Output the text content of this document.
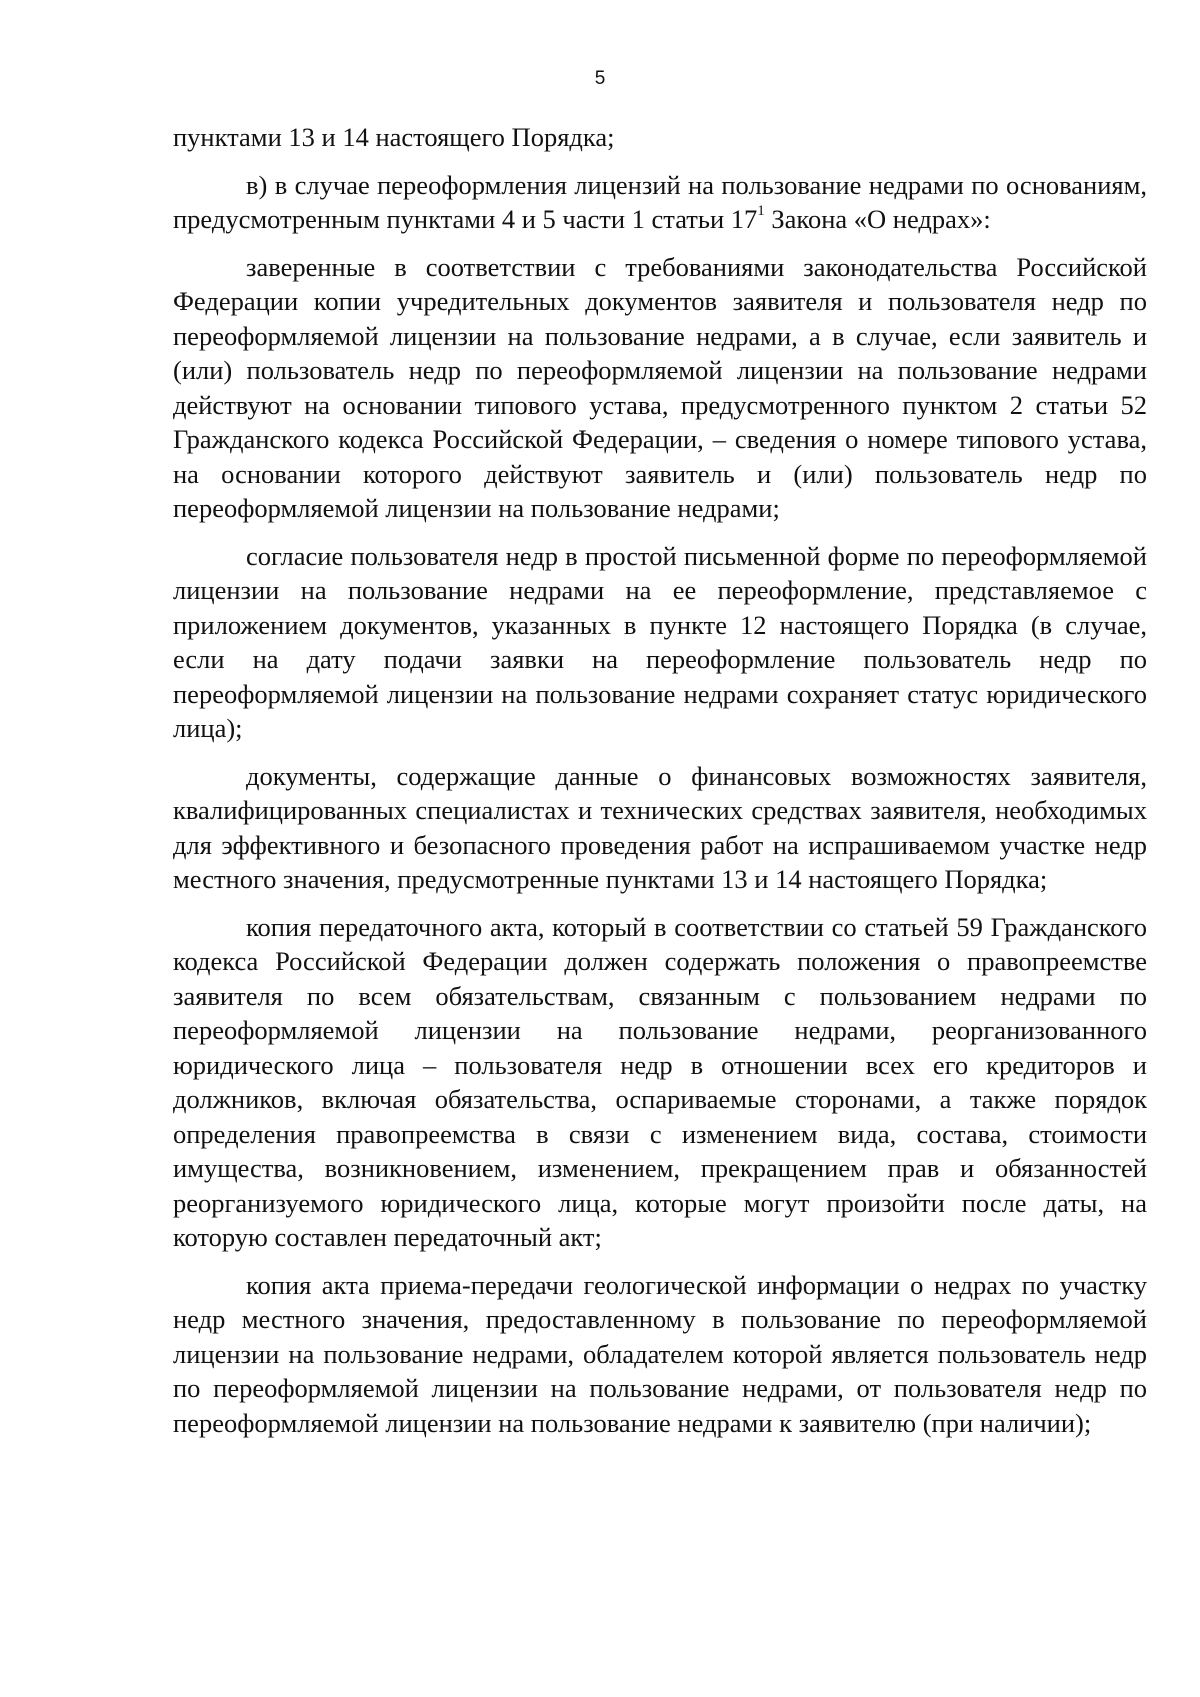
5

пунктами 13 и 14 настоящего Порядка;

в) в случае переоформления лицензий на пользование недрами по основаниям, предусмотренным пунктами 4 и 5 части 1 статьи $17^1$ Закона «О недрах»:

заверенные в соответствии с требованиями законодательства Российской Федерации копии учредительных документов заявителя и пользователя недр по переоформляемой лицензии на пользование недрами, а в случае, если заявитель и (или) пользователь недр по переоформляемой лицензии на пользование недрами действуют на основании типового устава, предусмотренного пунктом 2 статьи 52 Гражданского кодекса Российской Федерации, – сведения о номере типового устава, на основании которого действуют заявитель и (или) пользователь недр по переоформляемой лицензии на пользование недрами;

согласие пользователя недр в простой письменной форме по переоформляемой лицензии на пользование недрами на ее переоформление, представляемое с приложением документов, указанных в пункте 12 настоящего Порядка (в случае, если на дату подачи заявки на переоформление пользователь недр по переоформляемой лицензии на пользование недрами сохраняет статус юридического лица);

документы, содержащие данные о финансовых возможностях заявителя, квалифицированных специалистах и технических средствах заявителя, необходимых для эффективного и безопасного проведения работ на испрашиваемом участке недр местного значения, предусмотренные пунктами 13 и 14 настоящего Порядка;

копия передаточного акта, который в соответствии со статьей 59 Гражданского кодекса Российской Федерации должен содержать положения о правопреемстве заявителя по всем обязательствам, связанным с пользованием недрами по переоформляемой лицензии на пользование недрами, реорганизованного юридического лица – пользователя недр в отношении всех его кредиторов и должников, включая обязательства, оспариваемые сторонами, а также порядок определения правопреемства в связи с изменением вида, состава, стоимости имущества, возникновением, изменением, прекращением прав и обязанностей реорганизуемого юридического лица, которые могут произойти после даты, на которую составлен передаточный акт;

копия акта приема-передачи геологической информации о недрах по участку недр местного значения, предоставленному в пользование по переоформляемой лицензии на пользование недрами, обладателем которой является пользователь недр по переоформляемой лицензии на пользование недрами, от пользователя недр по переоформляемой лицензии на пользование недрами к заявителю (при наличии);
